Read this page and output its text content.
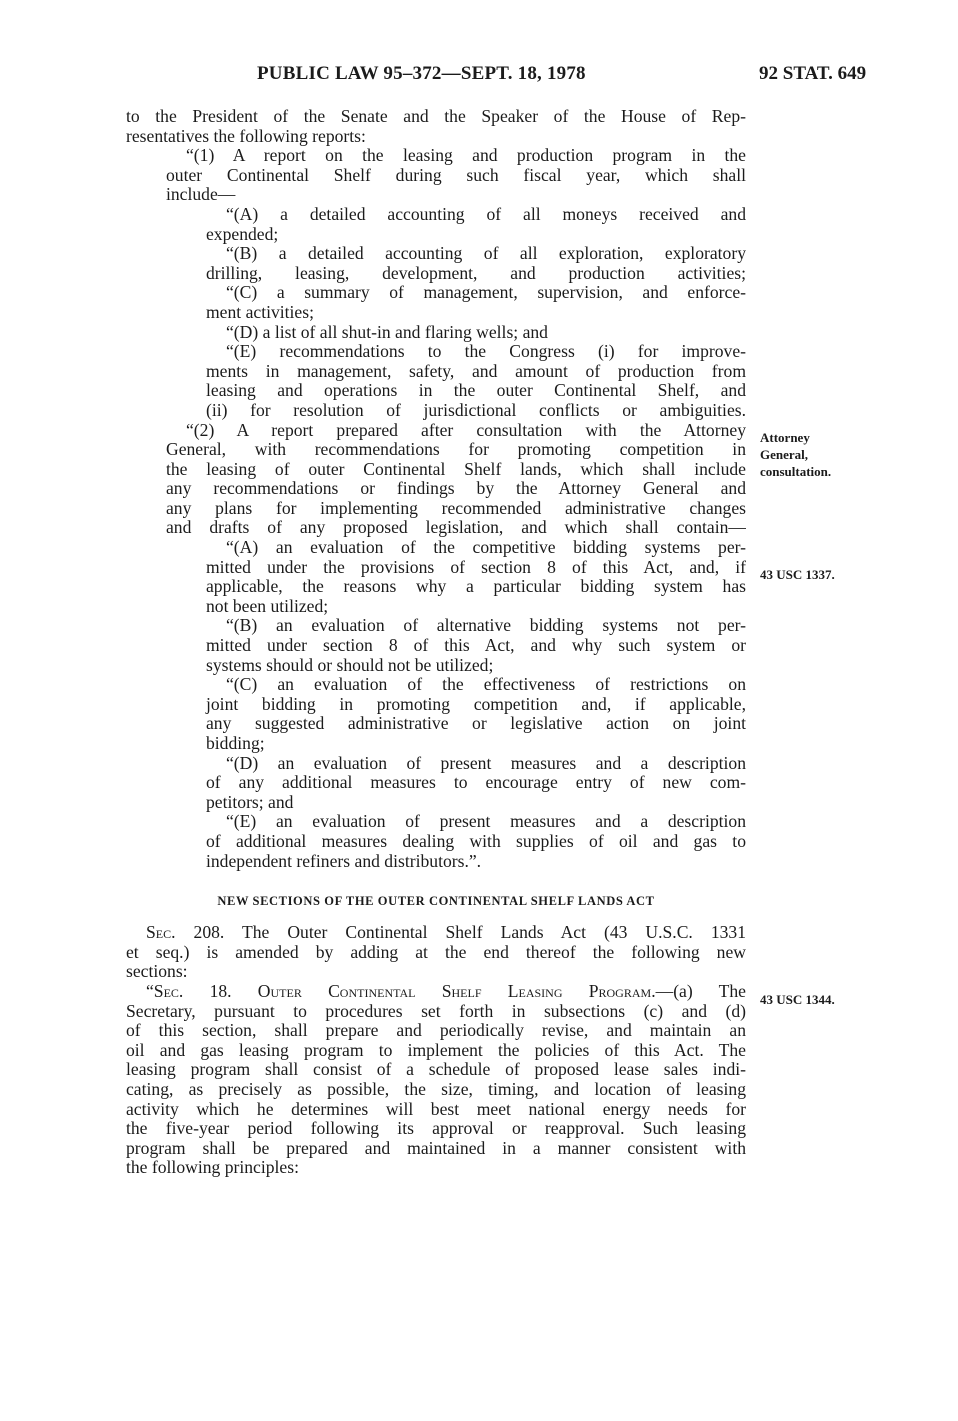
PUBLIC LAW 95–372—SEPT. 18, 1978	92 STAT. 649
to the President of the Senate and the Speaker of the House of Rep-
resentatives the following reports:
“(1) A report on the leasing and production program in the
outer Continental Shelf during such fiscal year, which shall
include—
“(A) a detailed accounting of all moneys received and
expended;
“(B) a detailed accounting of all exploration, exploratory
drilling, leasing, development, and production activities;
“(C) a summary of management, supervision, and enforce-
ment activities;
“(D) a list of all shut-in and flaring wells; and
“(E) recommendations to the Congress (i) for improve-
ments in management, safety, and amount of production from
leasing and operations in the outer Continental Shelf, and
(ii) for resolution of jurisdictional conflicts or ambiguities.
“(2) A report prepared after consultation with the Attorney
General, with recommendations for promoting competition in
the leasing of outer Continental Shelf lands, which shall include
any recommendations or findings by the Attorney General and
any plans for implementing recommended administrative changes
and drafts of any proposed legislation, and which shall contain—
“(A) an evaluation of the competitive bidding systems per-
mitted under the provisions of section 8 of this Act, and, if
applicable, the reasons why a particular bidding system has
not been utilized;
“(B) an evaluation of alternative bidding systems not per-
mitted under section 8 of this Act, and why such system or
systems should or should not be utilized;
“(C) an evaluation of the effectiveness of restrictions on
joint bidding in promoting competition and, if applicable,
any suggested administrative or legislative action on joint
bidding;
“(D) an evaluation of present measures and a description
of any additional measures to encourage entry of new com-
petitors; and
“(E) an evaluation of present measures and a description
of additional measures dealing with supplies of oil and gas to
independent refiners and distributors.”.
NEW SECTIONS OF THE OUTER CONTINENTAL SHELF LANDS ACT
Sec. 208. The Outer Continental Shelf Lands Act (43 U.S.C. 1331
et seq.) is amended by adding at the end thereof the following new
sections:
“Sec. 18. Outer Continental Shelf Leasing Program.—(a) The
Secretary, pursuant to procedures set forth in subsections (c) and (d)
of this section, shall prepare and periodically revise, and maintain an
oil and gas leasing program to implement the policies of this Act. The
leasing program shall consist of a schedule of proposed lease sales indi-
cating, as precisely as possible, the size, timing, and location of leasing
activity which he determines will best meet national energy needs for
the five-year period following its approval or reapproval. Such leasing
program shall be prepared and maintained in a manner consistent with
the following principles:
Attorney
General,
consultation.
43 USC 1337.
43 USC 1344.
